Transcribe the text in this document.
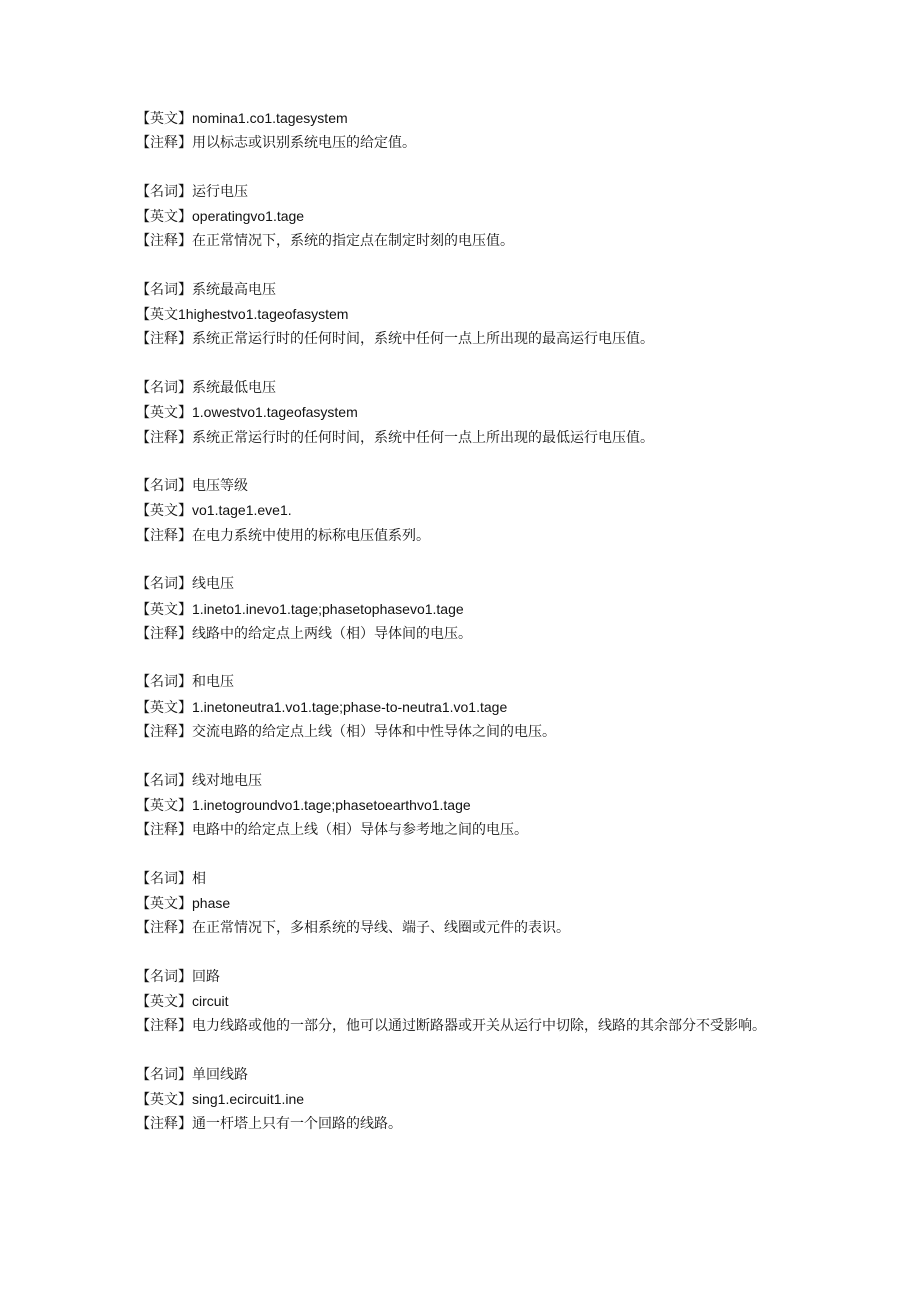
【英文】nomina1.co1.tagesystem
【注释】用以标志或识别系统电压的给定值。
【名词】运行电压
【英文】operatingvo1.tage
【注释】在正常情况下，系统的指定点在制定时刻的电压值。
【名词】系统最高电压
【英文1highestvo1.tageofasystem
【注释】系统正常运行时的任何时间，系统中任何一点上所出现的最高运行电压值。
【名词】系统最低电压
【英文】1.owestvo1.tageofasystem
【注释】系统正常运行时的任何时间，系统中任何一点上所出现的最低运行电压值。
【名词】电压等级
【英文】vo1.tage1.eve1.
【注释】在电力系统中使用的标称电压值系列。
【名词】线电压
【英文】1.ineto1.inevo1.tage;phasetophasevo1.tage
【注释】线路中的给定点上两线（相）导体间的电压。
【名词】和电压
【英文】1.inetoneutra1.vo1.tage;phase-to-neutra1.vo1.tage
【注释】交流电路的给定点上线（相）导体和中性导体之间的电压。
【名词】线对地电压
【英文】1.inetogroundvo1.tage;phasetoearthvo1.tage
【注释】电路中的给定点上线（相）导体与参考地之间的电压。
【名词】相
【英文】phase
【注释】在正常情况下，多相系统的导线、端子、线圈或元件的表识。
【名词】回路
【英文】circuit
【注释】电力线路或他的一部分，他可以通过断路器或开关从运行中切除，线路的其余部分不受影响。
【名词】单回线路
【英文】sing1.ecircuit1.ine
【注释】通一杆塔上只有一个回路的线路。
